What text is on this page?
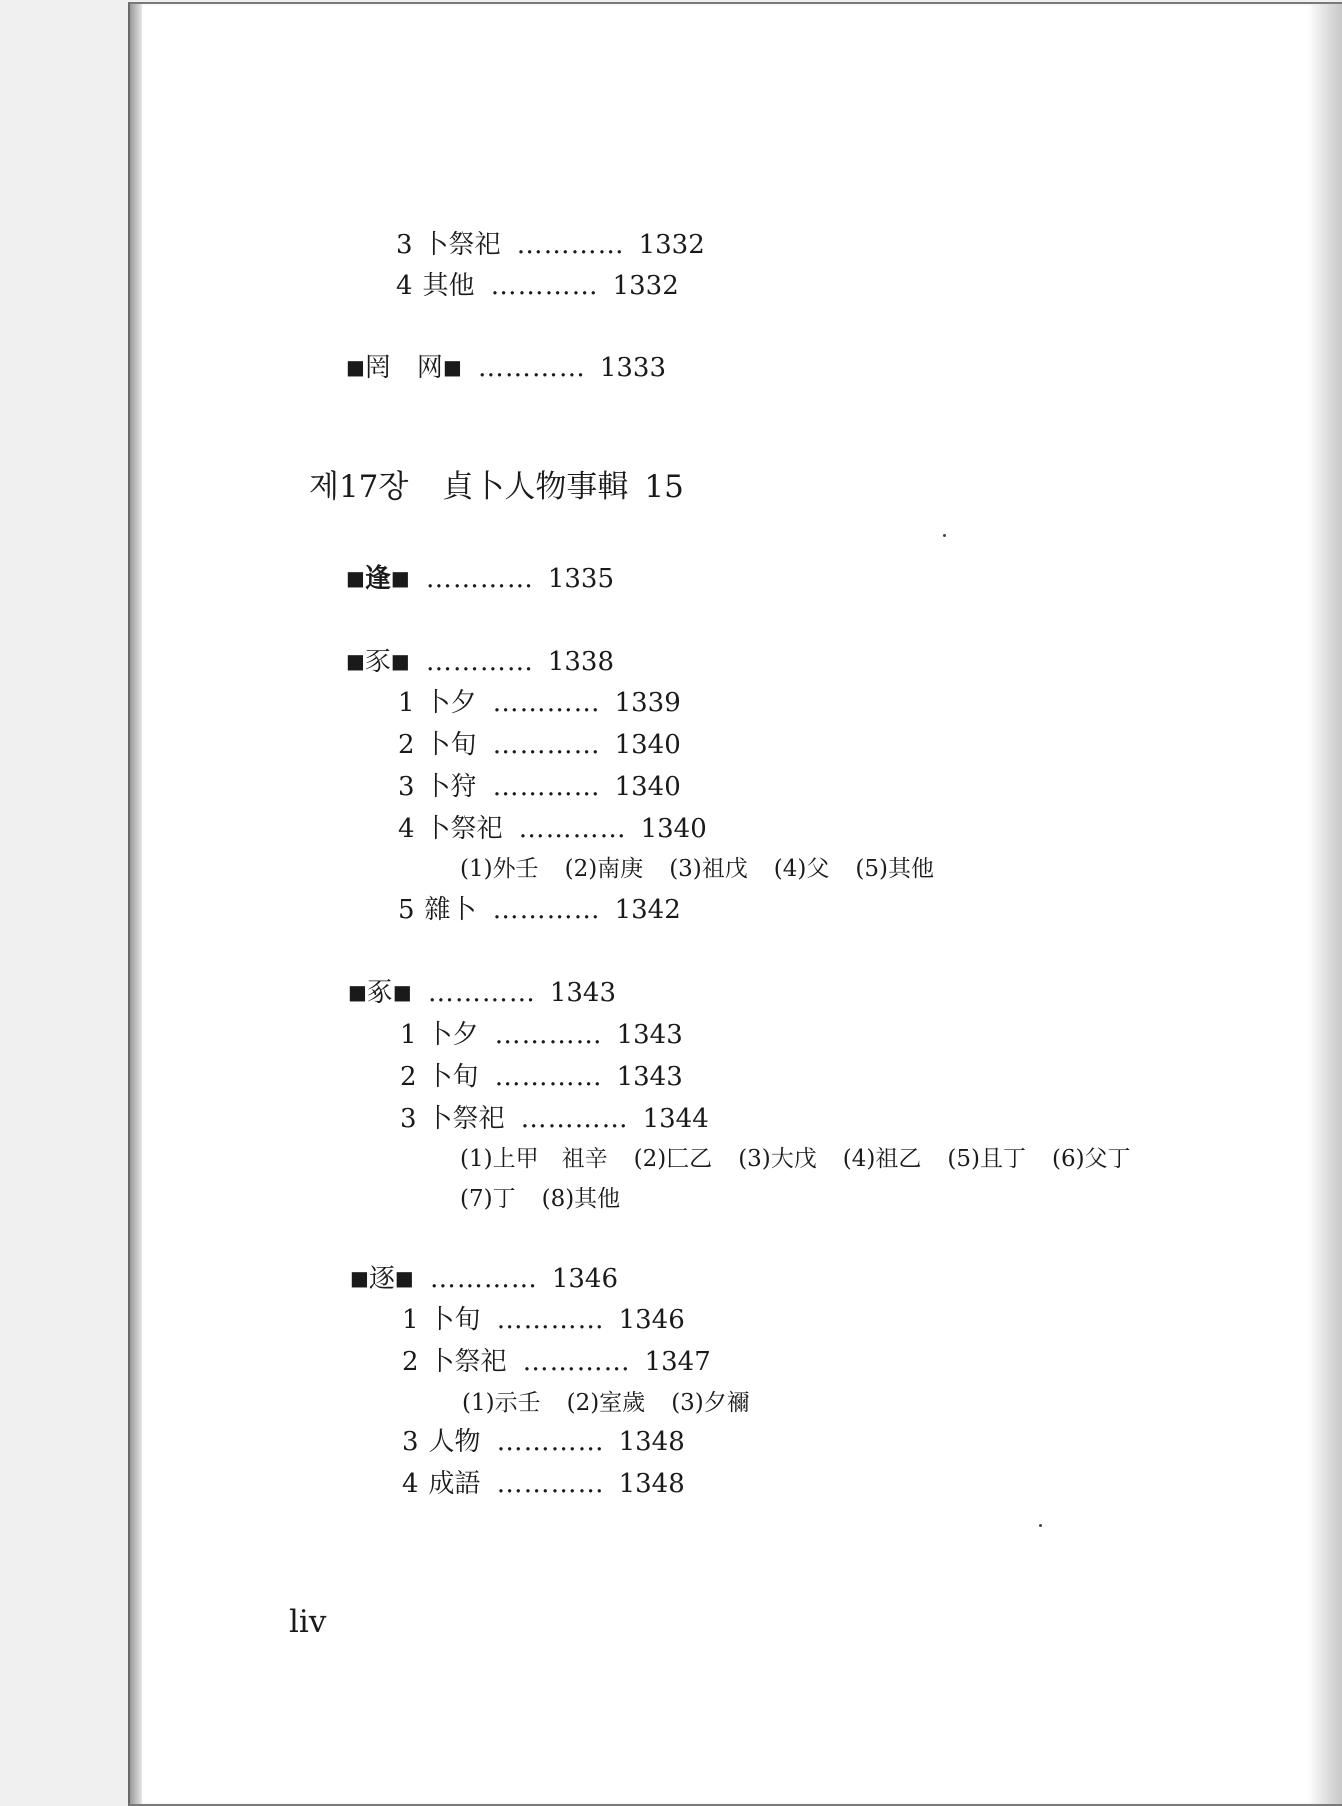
3 卜祭祀 ………… 1332
4 其他 ………… 1332
■罔 网■ ………… 1333
제17장 貞卜人物事輯 15
■逢■ ………… 1335
■豕■ ………… 1338
1 卜夕 ………… 1339
2 卜旬 ………… 1340
3 卜狩 ………… 1340
4 卜祭祀 ………… 1340
(1)外壬 (2)南庚 (3)祖戊 (4)父 (5)其他
5 雜卜 ………… 1342
■豖■ ………… 1343
1 卜夕 ………… 1343
2 卜旬 ………… 1343
3 卜祭祀 ………… 1344
(1)上甲　祖辛 (2)匚乙 (3)大戊 (4)祖乙 (5)且丁 (6)父丁
(7)丁 (8)其他
■逐■ ………… 1346
1 卜旬 ………… 1346
2 卜祭祀 ………… 1347
(1)示壬 (2)室歲 (3)夕禰
3 人物 ………… 1348
4 成語 ………… 1348
liv
